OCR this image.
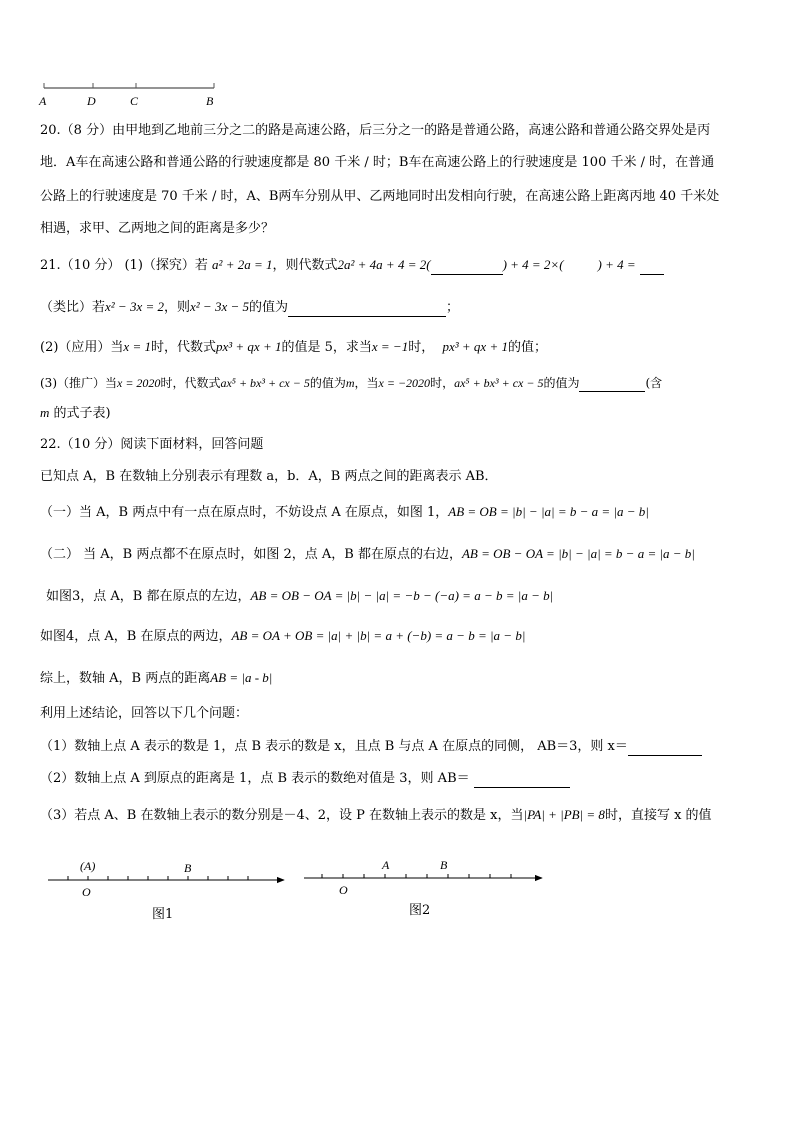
A	D	C	B
20.（8 分）由甲地到乙地前三分之二的路是高速公路，后三分之一的路是普通公路，高速公路和普通公路交界处是丙
地．A车在高速公路和普通公路的行驶速度都是 80 千米 / 时；B车在高速公路上的行驶速度是 100 千米 / 时，在普通
公路上的行驶速度是 70 千米 / 时，A、B两车分别从甲、乙两地同时出发相向行驶，在高速公路上距离丙地 40 千米处
相遇，求甲、乙两地之间的距离是多少？
21.（10 分） (1)（探究）若 a² + 2a = 1，则代数式2a² + 4a + 4 = 2(	) + 4 = 2×(	) + 4 =
（类比）若x² − 3x = 2，则x² − 3x − 5的值为	；
(2)（应用）当x = 1时，代数式px³ + qx + 1的值是 5，求当x = −1时， px³ + qx + 1的值；
(3)（推广）当x = 2020时，代数式ax⁵ + bx³ + cx − 5的值为m，当x = −2020时，ax⁵ + bx³ + cx − 5的值为	(含
m 的式子表)
22.（10 分）阅读下面材料，回答问题
已知点 A，B 在数轴上分别表示有理数 a，b．A，B 两点之间的距离表示 AB．
（一）当 A，B 两点中有一点在原点时，不妨设点 A 在原点，如图 1，AB = OB = |b| − |a| = b − a = |a − b|
（二） 当 A，B 两点都不在原点时，如图 2，点 A，B 都在原点的右边，AB = OB − OA = |b| − |a| = b − a = |a − b|
如图3，点 A，B 都在原点的左边，AB = OB − OA = |b| − |a| = −b − (−a) = a − b = |a − b|
如图4，点 A，B 在原点的两边，AB = OA + OB = |a| + |b| = a + (−b) = a − b = |a − b|
综上，数轴 A，B 两点的距离AB = |a - b|
利用上述结论，回答以下几个问题：
（1）数轴上点 A 表示的数是 1，点 B 表示的数是 x，且点 B 与点 A 在原点的同侧， AB＝3，则 x＝
（2）数轴上点 A 到原点的距离是 1，点 B 表示的数绝对值是 3，则 AB＝
（3）若点 A、B 在数轴上表示的数分别是－4、2，设 P 在数轴上表示的数是 x，当|PA| + |PB| = 8时，直接写 x 的值
(A)
O
B
图1
A	B
O
图2
